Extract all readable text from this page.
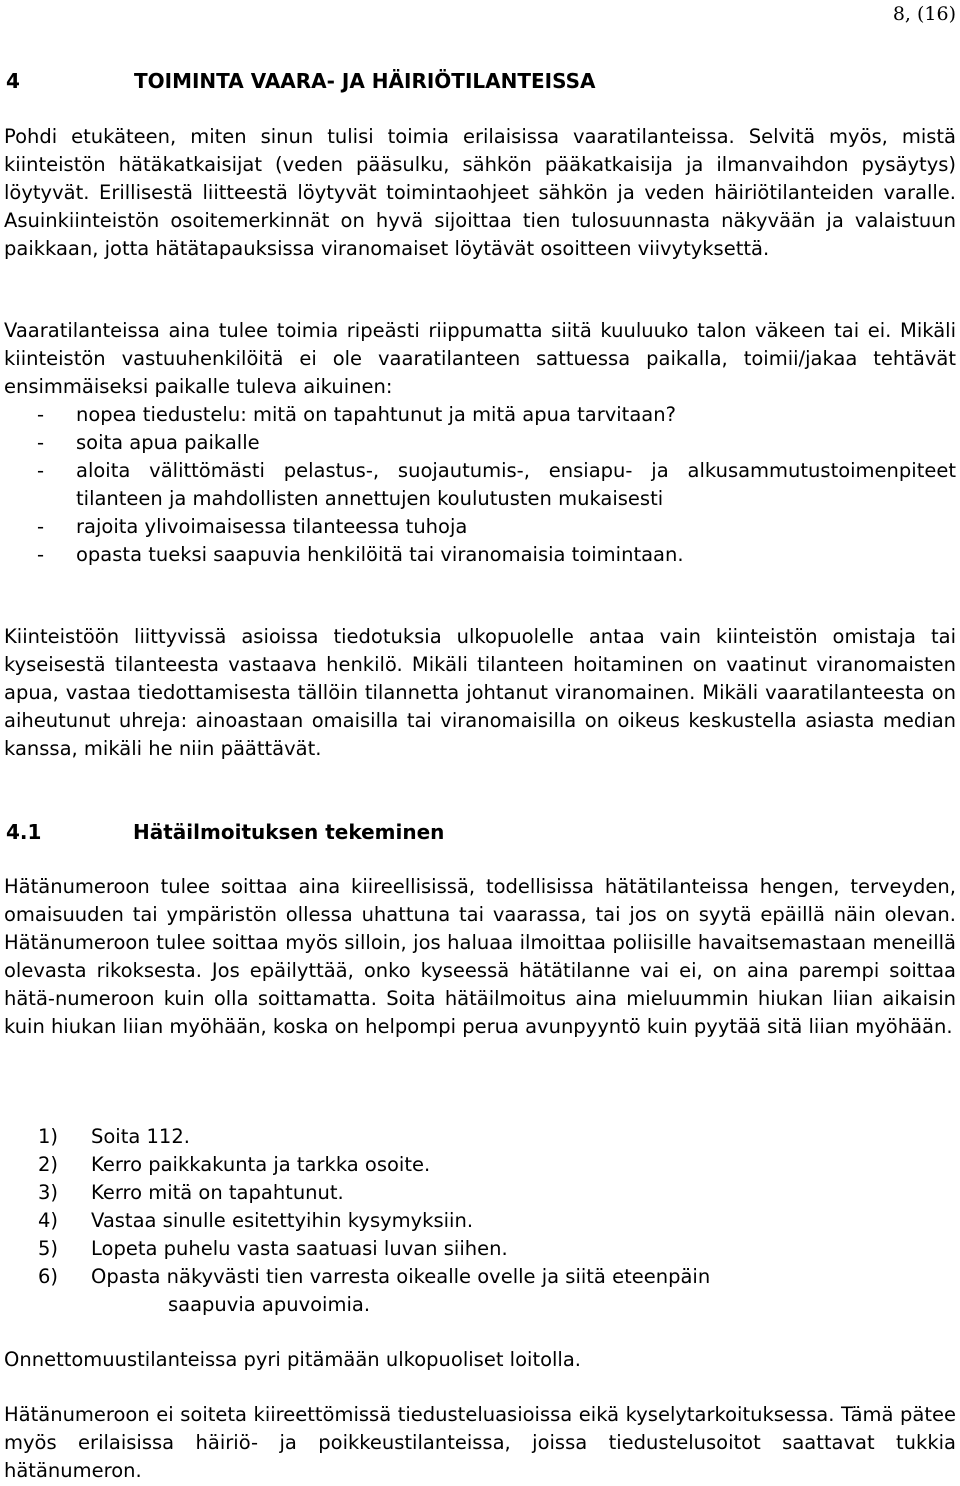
8, (16)
4	TOIMINTA VAARA- JA HÄIRIÖTILANTEISSA

Pohdi etukäteen, miten sinun tulisi toimia erilaisissa vaaratilanteissa. Selvitä myös, mistä kiinteistön hätäkatkaisijat (veden pääsulku, sähkön pääkatkaisija ja ilmanvaihdon pysäytys) löytyvät. Erillisestä liitteestä löytyvät toimintaohjeet sähkön ja veden häiriötilanteiden varalle. Asuinkiinteistön osoitemerkinnät on hyvä sijoittaa tien tulosuunnasta näkyvään ja valaistuun paikkaan, jotta hätätapauksissa viranomaiset löytävät osoitteen viivytyksettä.

Vaaratilanteissa aina tulee toimia ripeästi riippumatta siitä kuuluuko talon väkeen tai ei. Mikäli kiinteistön vastuuhenkilöitä ei ole vaaratilanteen sattuessa paikalla, toimii/jakaa tehtävät ensimmäiseksi paikalle tuleva aikuinen:

- nopea tiedustelu: mitä on tapahtunut ja mitä apua tarvitaan?
- soita apua paikalle
- aloita välittömästi pelastus-, suojautumis-, ensiapu- ja alkusammutustoimenpiteet tilanteen ja mahdollisten annettujen koulutusten mukaisesti
- rajoita ylivoimaisessa tilanteessa tuhoja
- opasta tueksi saapuvia henkilöitä tai viranomaisia toimintaan.

Kiinteistöön liittyvissä asioissa tiedotuksia ulkopuolelle antaa vain kiinteistön omistaja tai kyseisestä tilanteesta vastaava henkilö. Mikäli tilanteen hoitaminen on vaatinut viranomaisten apua, vastaa tiedottamisesta tällöin tilannetta johtanut viranomainen. Mikäli vaaratilanteesta on aiheutunut uhreja: ainoastaan omaisilla tai viranomaisilla on oikeus keskustella asiasta median kanssa, mikäli he niin päättävät.

4.1	Hätäilmoituksen tekeminen

Hätänumeroon tulee soittaa aina kiireellisissä, todellisissa hätätilanteissa hengen, terveyden, omaisuuden tai ympäristön ollessa uhattuna tai vaarassa, tai jos on syytä epäillä näin olevan. Hätänumeroon tulee soittaa myös silloin, jos haluaa ilmoittaa poliisille havaitsemastaan meneillä olevasta rikoksesta. Jos epäilyttää, onko kyseessä hätätilanne vai ei, on aina parempi soittaa hätä-numeroon kuin olla soittamatta. Soita hätäilmoitus aina mieluummin hiukan liian aikaisin kuin hiukan liian myöhään, koska on helpompi perua avunpyyntö kuin pyytää sitä liian myöhään.

1) Soita 112.
2) Kerro paikkakunta ja tarkka osoite.
3) Kerro mitä on tapahtunut.
4) Vastaa sinulle esitettyihin kysymyksiin.
5) Lopeta puhelu vasta saatuasi luvan siihen.
6) Opasta näkyvästi tien varresta oikealle ovelle ja siitä eteenpäin
saapuvia apuvoimia.

Onnettomuustilanteissa pyri pitämään ulkopuoliset loitolla.

Hätänumeroon ei soiteta kiireettömissä tiedusteluasioissa eikä kyselytarkoituksessa. Tämä pätee myös erilaisissa häiriö- ja poikkeustilanteissa, joissa tiedustelusoitot saattavat tukkia hätänumeron.
